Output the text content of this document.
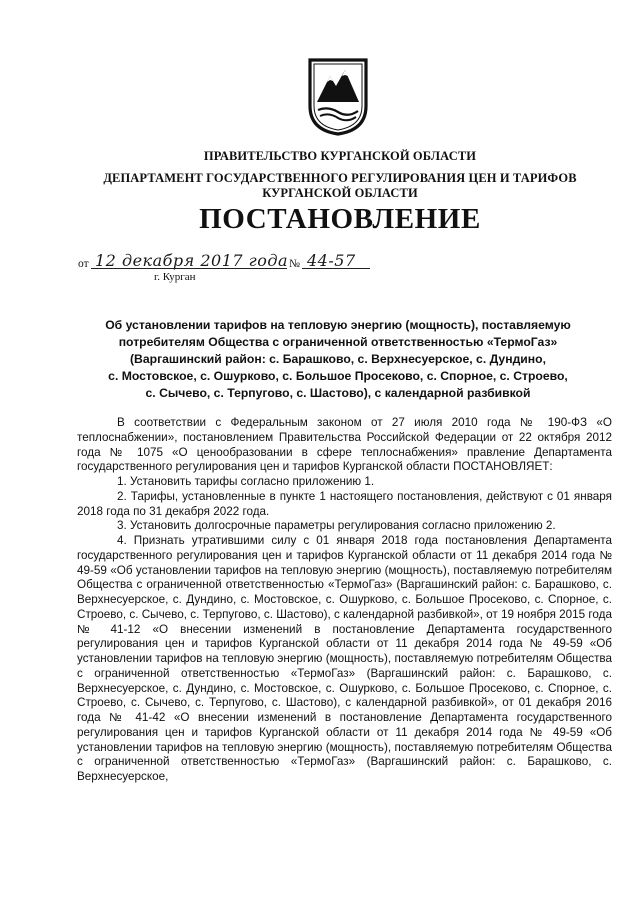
ПРАВИТЕЛЬСТВО КУРГАНСКОЙ ОБЛАСТИ
ДЕПАРТАМЕНТ ГОСУДАРСТВЕННОГО РЕГУЛИРОВАНИЯ ЦЕН И ТАРИФОВ
КУРГАНСКОЙ ОБЛАСТИ
ПОСТАНОВЛЕНИЕ
от 12 декабря 2017 года № 44-57
г. Курган
Об установлении тарифов на тепловую энергию (мощность), поставляемую
потребителям Общества с ограниченной ответственностью «ТермоГаз»
(Варгашинский район: с. Барашково, с. Верхнесуерское, с. Дундино,
с. Мостовское, с. Ошурково, с. Большое Просеково, с. Спорное, с. Строево,
с. Сычево, с. Терпугово, с. Шастово), с календарной разбивкой

В соответствии с Федеральным законом от 27 июля 2010 года № 190-ФЗ «О теплоснабжении», постановлением Правительства Российской Федерации от 22 октября 2012 года № 1075 «О ценообразовании в сфере теплоснабжения» правление Департамента государственного регулирования цен и тарифов Курганской области ПОСТАНОВЛЯЕТ:

1. Установить тарифы согласно приложению 1.

2. Тарифы, установленные в пункте 1 настоящего постановления, действуют с 01 января 2018 года по 31 декабря 2022 года.

3. Установить долгосрочные параметры регулирования согласно приложению 2.

4. Признать утратившими силу с 01 января 2018 года постановления Департамента государственного регулирования цен и тарифов Курганской области от 11 декабря 2014 года № 49-59 «Об установлении тарифов на тепловую энергию (мощность), поставляемую потребителям Общества с ограниченной ответственностью «ТермоГаз» (Варгашинский район: с. Барашково, с. Верхнесуерское, с. Дундино, с. Мостовское, с. Ошурково, с. Большое Просеково, с. Спорное, с. Строево, с. Сычево, с. Терпугово, с. Шастово), с календарной разбивкой», от 19 ноября 2015 года № 41-12 «О внесении изменений в постановление Департамента государственного регулирования цен и тарифов Курганской области от 11 декабря 2014 года № 49-59 «Об установлении тарифов на тепловую энергию (мощность), поставляемую потребителям Общества с ограниченной ответственностью «ТермоГаз» (Варгашинский район: с. Барашково, с. Верхнесуерское, с. Дундино, с. Мостовское, с. Ошурково, с. Большое Просеково, с. Спорное, с. Строево, с. Сычево, с. Терпугово, с. Шастово), с календарной разбивкой», от 01 декабря 2016 года № 41-42 «О внесении изменений в постановление Департамента государственного регулирования цен и тарифов Курганской области от 11 декабря 2014 года № 49-59 «Об установлении тарифов на тепловую энергию (мощность), поставляемую потребителям Общества с ограниченной ответственностью «ТермоГаз» (Варгашинский район: с. Барашково, с. Верхнесуерское,
